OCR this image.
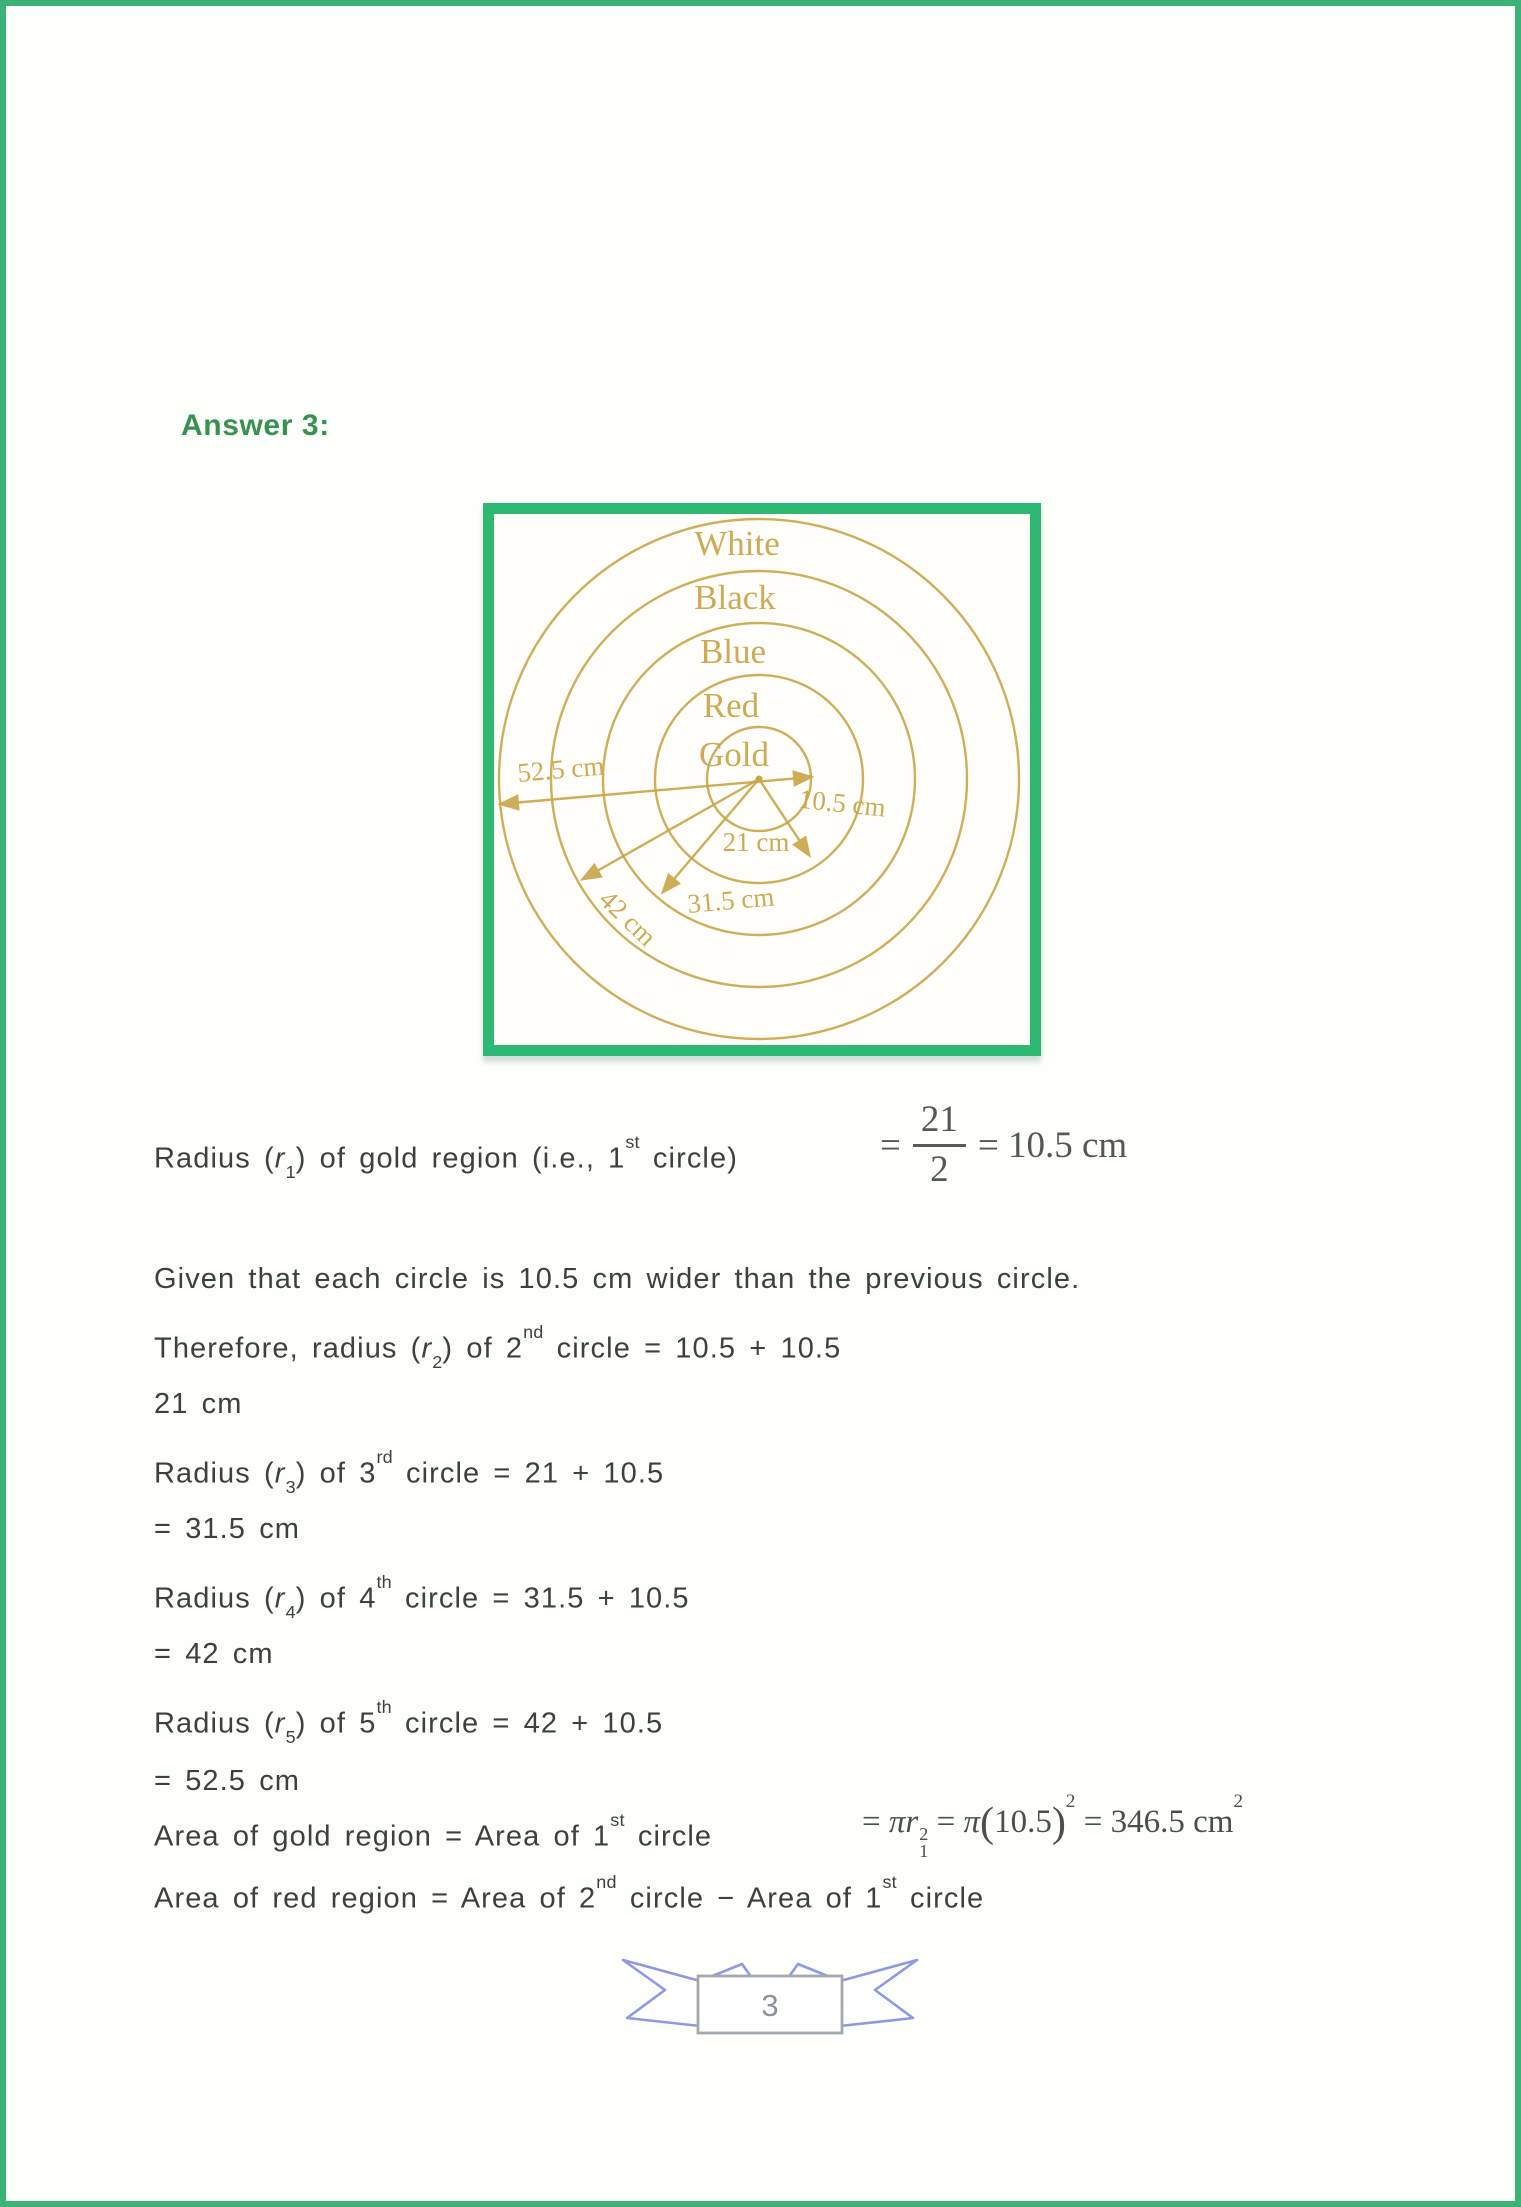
Answer 3:
White
Black
Blue
Red
Gold
52.5 cm
10.5 cm
21 cm
31.5 cm
42 cm
Radius $(r_1)$ of gold region (i.e., 1st circle)
Given that each circle is 10.5 cm wider than the previous circle.
Therefore, radius $(r_2)$ of 2nd circle = 10.5 + 10.5
21 cm
Radius $(r_3)$ of 3rd circle = 21 + 10.5
= 31.5 cm
Radius $(r_4)$ of 4th circle = 31.5 + 10.5
= 42 cm
Radius $(r_5)$ of 5th circle = 42 + 10.5
= 52.5 cm
Area of gold region = Area of 1st circle
Area of red region = Area of 2nd circle − Area of 1st circle
= $\frac{21}{2} = 10.5$ cm
= πr 2
1
= $\pi(10.5)^2 = 346.5$ $cm^2$
3
